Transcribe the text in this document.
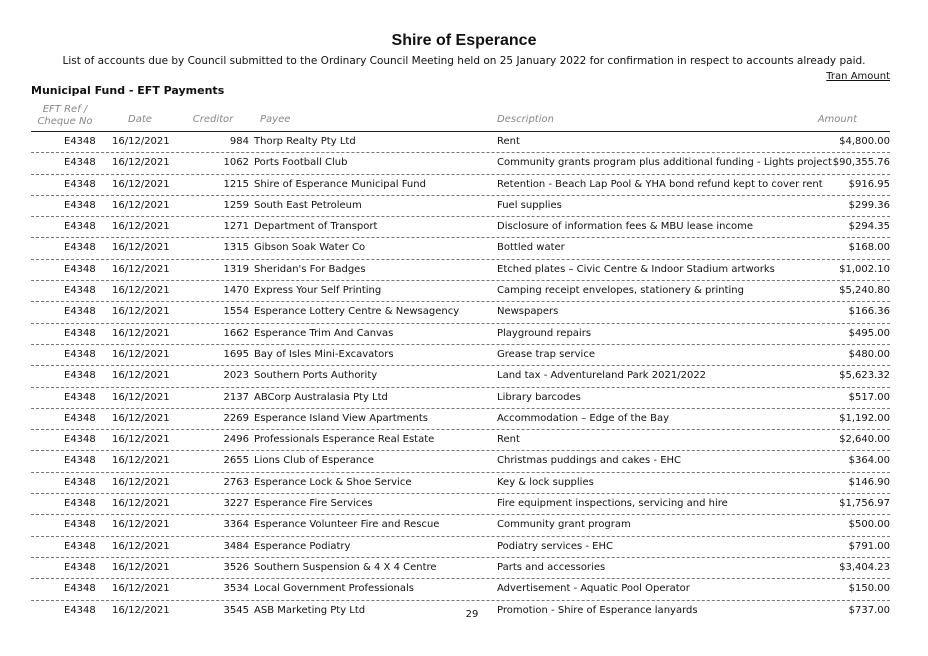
Shire of Esperance
List of accounts due by Council submitted to the Ordinary Council Meeting held on 25 January 2022 for confirmation in respect to accounts already paid.
Tran Amount
Municipal Fund - EFT Payments
EFT Ref / Cheque No	Date	Creditor	Payee	Description	Amount
E4348 16/12/2021	984 Thorp Realty Pty Ltd	Rent	$4,800.00
E4348 16/12/2021	1062 Ports Football Club	Community grants program plus additional funding - Lights project $90,355.76
E4348 16/12/2021	1215 Shire of Esperance Municipal Fund	Retention - Beach Lap Pool & YHA bond refund kept to cover rent	$916.95
E4348 16/12/2021	1259 South East Petroleum	Fuel supplies	$299.36
E4348 16/12/2021	1271 Department of Transport	Disclosure of information fees & MBU lease income	$294.35
E4348 16/12/2021	1315 Gibson Soak Water Co	Bottled water	$168.00
E4348 16/12/2021	1319 Sheridan's For Badges	Etched plates – Civic Centre & Indoor Stadium artworks	$1,002.10
E4348 16/12/2021	1470 Express Your Self Printing	Camping receipt envelopes, stationery & printing	$5,240.80
E4348 16/12/2021	1554 Esperance Lottery Centre & Newsagency	Newspapers	$166.36
E4348 16/12/2021	1662 Esperance Trim And Canvas	Playground repairs	$495.00
E4348 16/12/2021	1695 Bay of Isles Mini-Excavators	Grease trap service	$480.00
E4348 16/12/2021	2023 Southern Ports Authority	Land tax - Adventureland Park 2021/2022	$5,623.32
E4348 16/12/2021	2137 ABCorp Australasia Pty Ltd	Library barcodes	$517.00
E4348 16/12/2021	2269 Esperance Island View Apartments	Accommodation – Edge of the Bay	$1,192.00
E4348 16/12/2021	2496 Professionals Esperance Real Estate	Rent	$2,640.00
E4348 16/12/2021	2655 Lions Club of Esperance	Christmas puddings and cakes - EHC	$364.00
E4348 16/12/2021	2763 Esperance Lock & Shoe Service	Key & lock supplies	$146.90
E4348 16/12/2021	3227 Esperance Fire Services	Fire equipment inspections, servicing and hire	$1,756.97
E4348 16/12/2021	3364 Esperance Volunteer Fire and Rescue	Community grant program	$500.00
E4348 16/12/2021	3484 Esperance Podiatry	Podiatry services - EHC	$791.00
E4348 16/12/2021	3526 Southern Suspension & 4 X 4 Centre	Parts and accessories	$3,404.23
E4348 16/12/2021	3534 Local Government Professionals	Advertisement - Aquatic Pool Operator	$150.00
E4348 16/12/2021	3545 ASB Marketing Pty Ltd	Promotion - Shire of Esperance lanyards	$737.00
29
